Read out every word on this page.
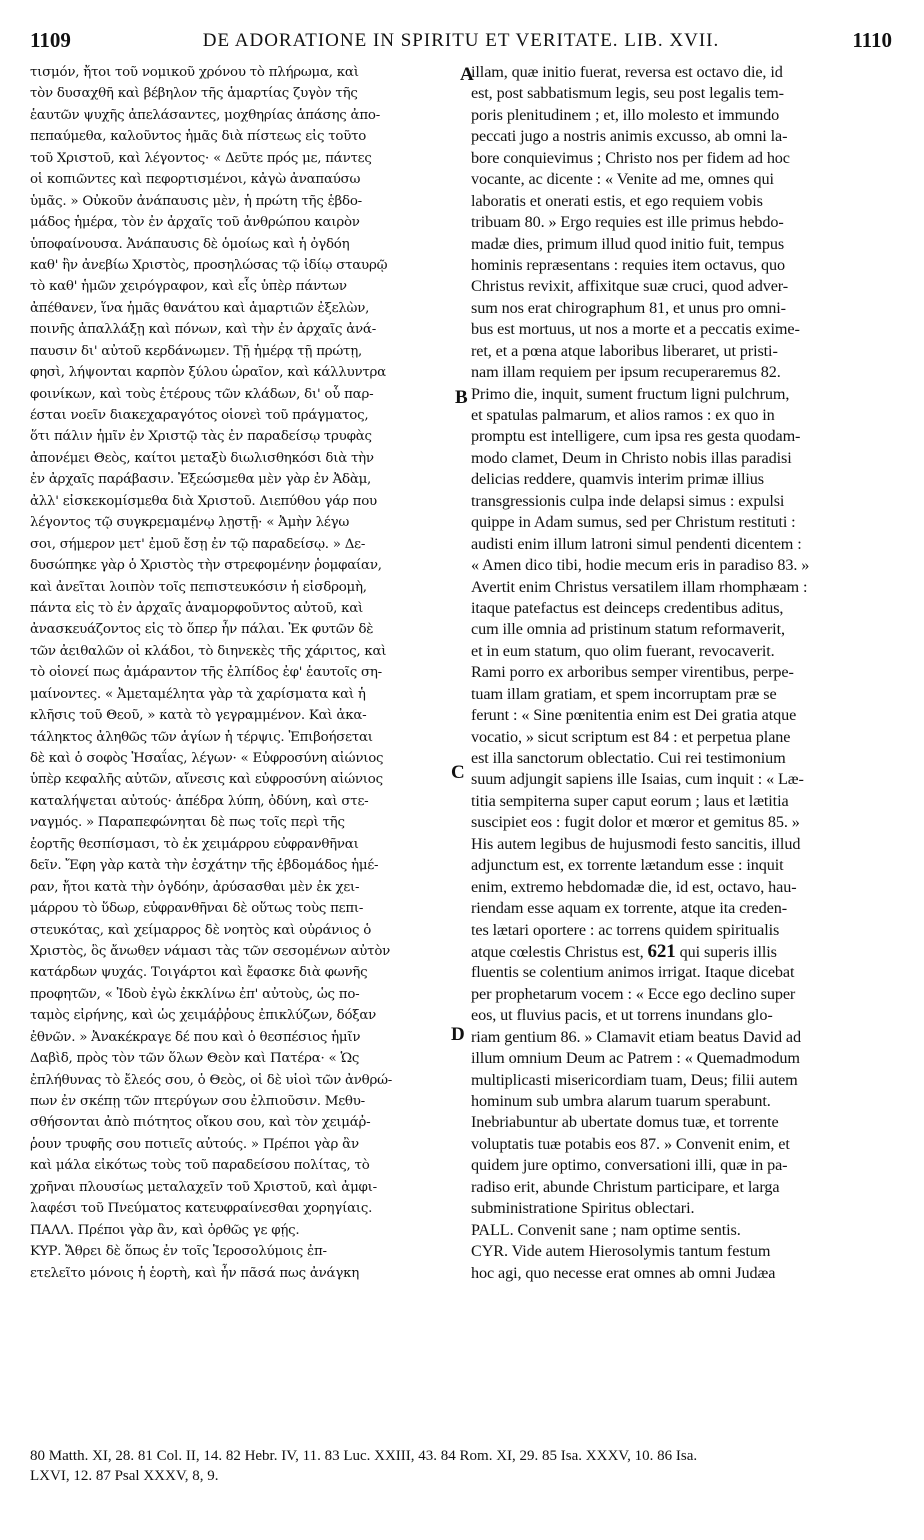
1109	DE ADORATIONE IN SPIRITU ET VERITATE. LIB. XVII.	1110
τισμόν, ἤτοι τοῦ νομικοῦ χρόνου τὸ πλήρωμα, καὶ
τὸν δυσαχθῆ καὶ βέβηλον τῆς ἁμαρτίας ζυγὸν τῆς
ἑαυτῶν ψυχῆς ἀπελάσαντες, μοχθηρίας ἁπάσης ἀπο-
πεπαύμεθα, καλοῦντος ἡμᾶς διὰ πίστεως εἰς τοῦτο
τοῦ Χριστοῦ, καὶ λέγοντος· « Δεῦτε πρός με, πάντες
οἱ κοπιῶντες καὶ πεφορτισμένοι, κἀγὼ ἀναπαύσω
ὑμᾶς. » Οὐκοῦν ἀνάπαυσις μὲν, ἡ πρώτη τῆς ἑβδο-
μάδος ἡμέρα, τὸν ἐν ἀρχαῖς τοῦ ἀνθρώπου καιρὸν
ὑποφαίνουσα. Ἀνάπαυσις δὲ ὁμοίως καὶ ἡ ὀγδόη
καθ' ἣν ἀνεβίω Χριστὸς, προσηλώσας τῷ ἰδίῳ σταυρῷ
τὸ καθ' ἡμῶν χειρόγραφον, καὶ εἷς ὑπὲρ πάντων
ἀπέθανεν, ἵνα ἡμᾶς θανάτου καὶ ἁμαρτιῶν ἐξελὼν,
ποινῆς ἀπαλλάξῃ καὶ πόνων, καὶ τὴν ἐν ἀρχαῖς ἀνά-
παυσιν δι' αὐτοῦ κερδάνωμεν. Τῇ ἡμέρᾳ τῇ πρώτῃ,
φησὶ, λήψονται καρπὸν ξύλου ὡραῖον, καὶ κάλλυντρα
φοινίκων, καὶ τοὺς ἑτέρους τῶν κλάδων, δι' οὗ παρ-
έσται νοεῖν διακεχαραγότος οἱονεὶ τοῦ πράγματος,
ὅτι πάλιν ἡμῖν ἐν Χριστῷ τὰς ἐν παραδείσῳ τρυφὰς
ἀπονέμει Θεὸς, καίτοι μεταξὺ διωλισθηκόσι διὰ τὴν
ἐν ἀρχαῖς παράβασιν. Ἐξεώσμεθα μὲν γὰρ ἐν Ἀδὰμ,
ἀλλ' εἰσκεκομίσμεθα διὰ Χριστοῦ. Διεπύθου γάρ που
λέγοντος τῷ συγκρεμαμένῳ λῃστῇ· « Ἀμὴν λέγω
σοι, σήμερον μετ' ἐμοῦ ἔσῃ ἐν τῷ παραδείσῳ. » Δε-
δυσώπηκε γὰρ ὁ Χριστὸς τὴν στρεφομένην ῥομφαίαν,
καὶ ἀνεῖται λοιπὸν τοῖς πεπιστευκόσιν ἡ εἰσδρομὴ,
πάντα εἰς τὸ ἐν ἀρχαῖς ἀναμορφοῦντος αὐτοῦ, καὶ
ἀνασκευάζοντος εἰς τὸ ὅπερ ἦν πάλαι. Ἐκ φυτῶν δὲ
τῶν ἀειθαλῶν οἱ κλάδοι, τὸ διηνεκὲς τῆς χάριτος, καὶ
τὸ οἱονεί πως ἀμάραντον τῆς ἐλπίδος ἐφ' ἑαυτοῖς ση-
μαίνοντες. « Ἀμεταμέλητα γὰρ τὰ χαρίσματα καὶ ἡ
κλῆσις τοῦ Θεοῦ, » κατὰ τὸ γεγραμμένον. Καὶ ἀκα-
τάληκτος ἀληθῶς τῶν ἁγίων ἡ τέρψις. Ἐπιβοήσεται
δὲ καὶ ὁ σοφὸς Ἠσαΐας, λέγων· « Εὐφροσύνη αἰώνιος
ὑπὲρ κεφαλῆς αὐτῶν, αἴνεσις καὶ εὐφροσύνη αἰώνιος
καταλήψεται αὐτούς· ἀπέδρα λύπη, ὀδύνη, καὶ στε-
ναγμός. » Παραπεφώνηται δὲ πως τοῖς περὶ τῆς
ἑορτῆς θεσπίσμασι, τὸ ἐκ χειμάρρου εὐφρανθῆναι
δεῖν. Ἔφη γὰρ κατὰ τὴν ἐσχάτην τῆς ἑβδομάδος ἡμέ-
ραν, ἤτοι κατὰ τὴν ὀγδόην, ἀρύσασθαι μὲν ἐκ χει-
μάρρου τὸ ὕδωρ, εὐφρανθῆναι δὲ οὕτως τοὺς πεπι-
στευκότας, καὶ χείμαρρος δὲ νοητὸς καὶ οὐράνιος ὁ
Χριστὸς, ὃς ἄνωθεν νάμασι τὰς τῶν σεσομένων αὐτὸν
κατάρδων ψυχάς. Τοιγάρτοι καὶ ἔφασκε διὰ φωνῆς
προφητῶν, « Ἰδοὺ ἐγὼ ἐκκλίνω ἐπ' αὐτοὺς, ὡς πο-
ταμὸς εἰρήνης, καὶ ὡς χειμάῤῥους ἐπικλύζων, δόξαν
ἐθνῶν. » Ἀνακέκραγε δέ που καὶ ὁ θεσπέσιος ἡμῖν
Δαβὶδ, πρὸς τὸν τῶν ὅλων Θεὸν καὶ Πατέρα· « Ὡς
ἐπλήθυνας τὸ ἔλεός σου, ὁ Θεὸς, οἱ δὲ υἱοὶ τῶν ἀνθρώ-
πων ἐν σκέπῃ τῶν πτερύγων σου ἐλπιοῦσιν. Μεθυ-
σθήσονται ἀπὸ πιότητος οἴκου σου, καὶ τὸν χειμάῤ-
ῥουν τρυφῆς σου ποτιεῖς αὐτούς. » Πρέποι γὰρ ἂν
καὶ μάλα εἰκότως τοὺς τοῦ παραδείσου πολίτας, τὸ
χρῆναι πλουσίως μεταλαχεῖν τοῦ Χριστοῦ, καὶ ἀμφι-
λαφέσι τοῦ Πνεύματος κατευφραίνεσθαι χορηγίαις.
ΠΑΛΛ. Πρέποι γὰρ ἂν, καὶ ὀρθῶς γε φῄς.
ΚΥΡ. Ἄθρει δὲ ὅπως ἐν τοῖς Ἱεροσολύμοις ἐπ-
ετελεῖτο μόνοις ἡ ἑορτὴ, καὶ ἦν πᾶσά πως ἀνάγκη
illam, quæ initio fuerat, reversa est octavo die, id
est, post sabbatismum legis, seu post legalis tem-
poris plenitudinem ; et, illo molesto et immundo
peccati jugo a nostris animis excusso, ab omni la-
bore conquievimus ; Christo nos per fidem ad hoc
vocante, ac dicente : « Venite ad me, omnes qui
laboratis et onerati estis, et ego requiem vobis
tribuam 80. » Ergo requies est ille primus hebdo-
madæ dies, primum illud quod initio fuit, tempus
hominis repræsentans : requies item octavus, quo
Christus revixit, affixitque suæ cruci, quod adver-
sum nos erat chirographum 81, et unus pro omni-
bus est mortuus, ut nos a morte et a peccatis exime-
ret, et a pœna atque laboribus liberaret, ut pristi-
nam illam requiem per ipsum recuperaremus 82.
Primo die, inquit, sument fructum ligni pulchrum,
et spatulas palmarum, et alios ramos : ex quo in
promptu est intelligere, cum ipsa res gesta quodam-
modo clamet, Deum in Christo nobis illas paradisi
delicias reddere, quamvis interim primæ illius
transgressionis culpa inde delapsi simus : expulsi
quippe in Adam sumus, sed per Christum restituti :
audisti enim illum latroni simul pendenti dicentem :
« Amen dico tibi, hodie mecum eris in paradiso 83. »
Avertit enim Christus versatilem illam rhomphæam :
itaque patefactus est deinceps credentibus aditus,
cum ille omnia ad pristinum statum reformaverit,
et in eum statum, quo olim fuerant, revocaverit.
Rami porro ex arboribus semper virentibus, perpe-
tuam illam gratiam, et spem incorruptam præ se
ferunt : « Sine pœnitentia enim est Dei gratia atque
vocatio, » sicut scriptum est 84 : et perpetua plane
est illa sanctorum oblectatio. Cui rei testimonium
suum adjungit sapiens ille Isaias, cum inquit : « Læ-
titia sempiterna super caput eorum ; laus et lætitia
suscipiet eos : fugit dolor et mœror et gemitus 85. »
His autem legibus de hujusmodi festo sancitis, illud
adjunctum est, ex torrente lætandum esse : inquit
enim, extremo hebdomadæ die, id est, octavo, hau-
riendam esse aquam ex torrente, atque ita creden-
tes lætari oportere : ac torrens quidem spiritualis
atque cœlestis Christus est, 621 qui superis illis
fluentis se colentium animos irrigat. Itaque dicebat
per prophetarum vocem : « Ecce ego declino super
eos, ut fluvius pacis, et ut torrens inundans glo-
riam gentium 86. » Clamavit etiam beatus David ad
illum omnium Deum ac Patrem : « Quemadmodum
multiplicasti misericordiam tuam, Deus; filii autem
hominum sub umbra alarum tuarum sperabunt.
Inebriabuntur ab ubertate domus tuæ, et torrente
voluptatis tuæ potabis eos 87. » Convenit enim, et
quidem jure optimo, conversationi illi, quæ in pa-
radiso erit, abunde Christum participare, et larga
subministratione Spiritus oblectari.
PALL. Convenit sane ; nam optime sentis.
CYR. Vide autem Hierosolymis tantum festum
hoc agi, quo necesse erat omnes ab omni Judæa
A
B
C
D
80 Matth. XI, 28. 81 Col. II, 14. 82 Hebr. IV, 11. 83 Luc. XXIII, 43. 84 Rom. XI, 29. 85 Isa. XXXV, 10. 86 Isa.
LXVI, 12. 87 Psal XXXV, 8, 9.
